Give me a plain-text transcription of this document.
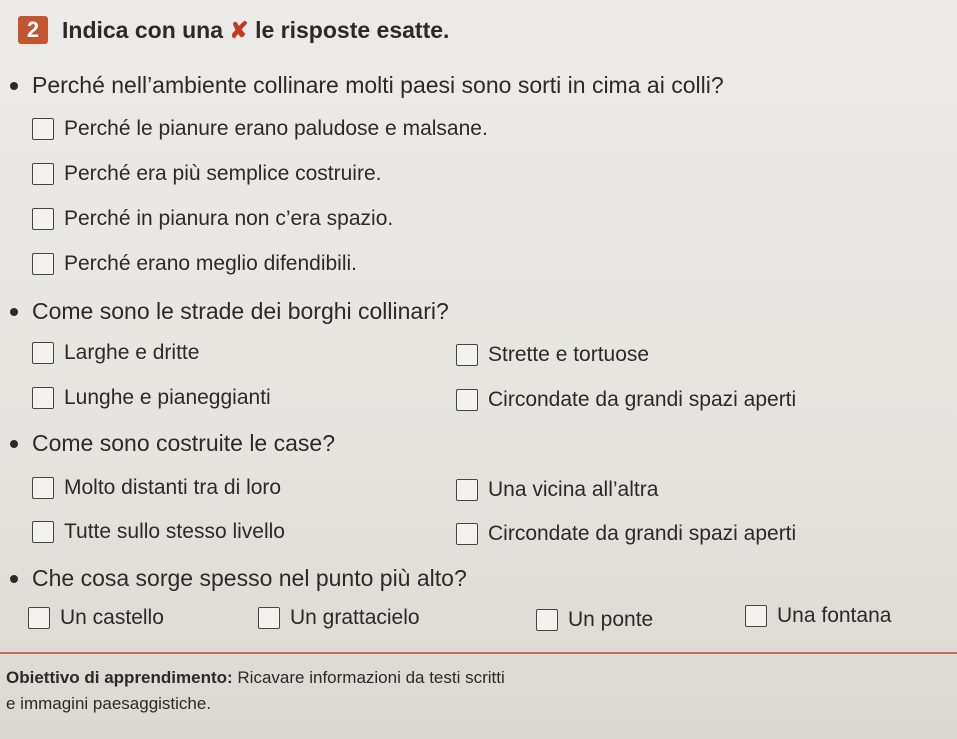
2 Indica con una ✘ le risposte esatte.
Perché nell’ambiente collinare molti paesi sono sorti in cima ai colli?
Perché le pianure erano paludose e malsane.
Perché era più semplice costruire.
Perché in pianura non c’era spazio.
Perché erano meglio difendibili.
Come sono le strade dei borghi collinari?
Larghe e dritte	Strette e tortuose
Lunghe e pianeggianti	Circondate da grandi spazi aperti
Come sono costruite le case?
Molto distanti tra di loro	Una vicina all’altra
Tutte sullo stesso livello	Circondate da grandi spazi aperti
Che cosa sorge spesso nel punto più alto?
Un castello	Un grattacielo	Un ponte	Una fontana
Obiettivo di apprendimento: Ricavare informazioni da testi scritti
e immagini paesaggistiche.
